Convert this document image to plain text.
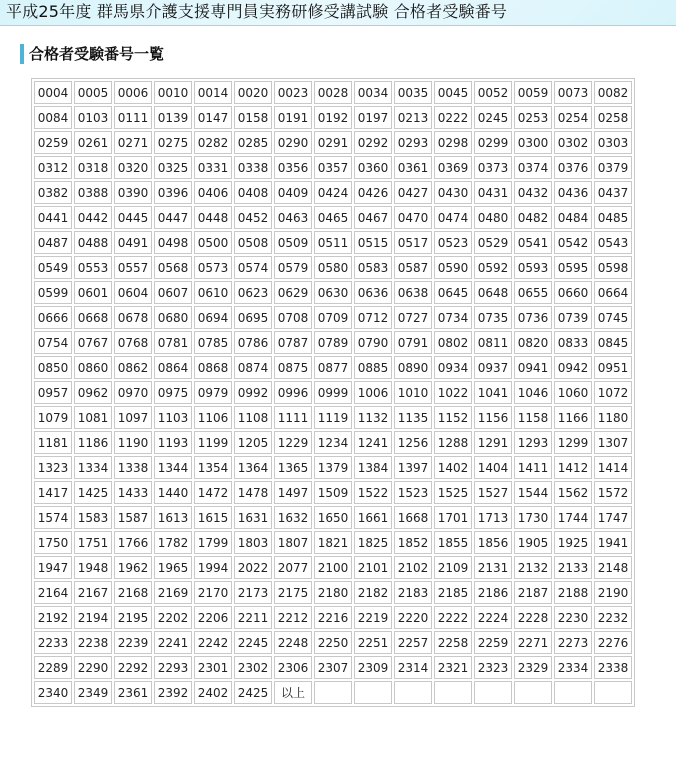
平成25年度 群馬県介護支援専門員実務研修受講試験 合格者受験番号
合格者受験番号一覧
0004	0005	0006	0010	0014	0020	0023	0028	0034	0035	0045	0052	0059	0073	0082
0084	0103	0111	0139	0147	0158	0191	0192	0197	0213	0222	0245	0253	0254	0258
0259	0261	0271	0275	0282	0285	0290	0291	0292	0293	0298	0299	0300	0302	0303
0312	0318	0320	0325	0331	0338	0356	0357	0360	0361	0369	0373	0374	0376	0379
0382	0388	0390	0396	0406	0408	0409	0424	0426	0427	0430	0431	0432	0436	0437
0441	0442	0445	0447	0448	0452	0463	0465	0467	0470	0474	0480	0482	0484	0485
0487	0488	0491	0498	0500	0508	0509	0511	0515	0517	0523	0529	0541	0542	0543
0549	0553	0557	0568	0573	0574	0579	0580	0583	0587	0590	0592	0593	0595	0598
0599	0601	0604	0607	0610	0623	0629	0630	0636	0638	0645	0648	0655	0660	0664
0666	0668	0678	0680	0694	0695	0708	0709	0712	0727	0734	0735	0736	0739	0745
0754	0767	0768	0781	0785	0786	0787	0789	0790	0791	0802	0811	0820	0833	0845
0850	0860	0862	0864	0868	0874	0875	0877	0885	0890	0934	0937	0941	0942	0951
0957	0962	0970	0975	0979	0992	0996	0999	1006	1010	1022	1041	1046	1060	1072
1079	1081	1097	1103	1106	1108	1111	1119	1132	1135	1152	1156	1158	1166	1180
1181	1186	1190	1193	1199	1205	1229	1234	1241	1256	1288	1291	1293	1299	1307
1323	1334	1338	1344	1354	1364	1365	1379	1384	1397	1402	1404	1411	1412	1414
1417	1425	1433	1440	1472	1478	1497	1509	1522	1523	1525	1527	1544	1562	1572
1574	1583	1587	1613	1615	1631	1632	1650	1661	1668	1701	1713	1730	1744	1747
1750	1751	1766	1782	1799	1803	1807	1821	1825	1852	1855	1856	1905	1925	1941
1947	1948	1962	1965	1994	2022	2077	2100	2101	2102	2109	2131	2132	2133	2148
2164	2167	2168	2169	2170	2173	2175	2180	2182	2183	2185	2186	2187	2188	2190
2192	2194	2195	2202	2206	2211	2212	2216	2219	2220	2222	2224	2228	2230	2232
2233	2238	2239	2241	2242	2245	2248	2250	2251	2257	2258	2259	2271	2273	2276
2289	2290	2292	2293	2301	2302	2306	2307	2309	2314	2321	2323	2329	2334	2338
2340	2349	2361	2392	2402	2425	以上								
